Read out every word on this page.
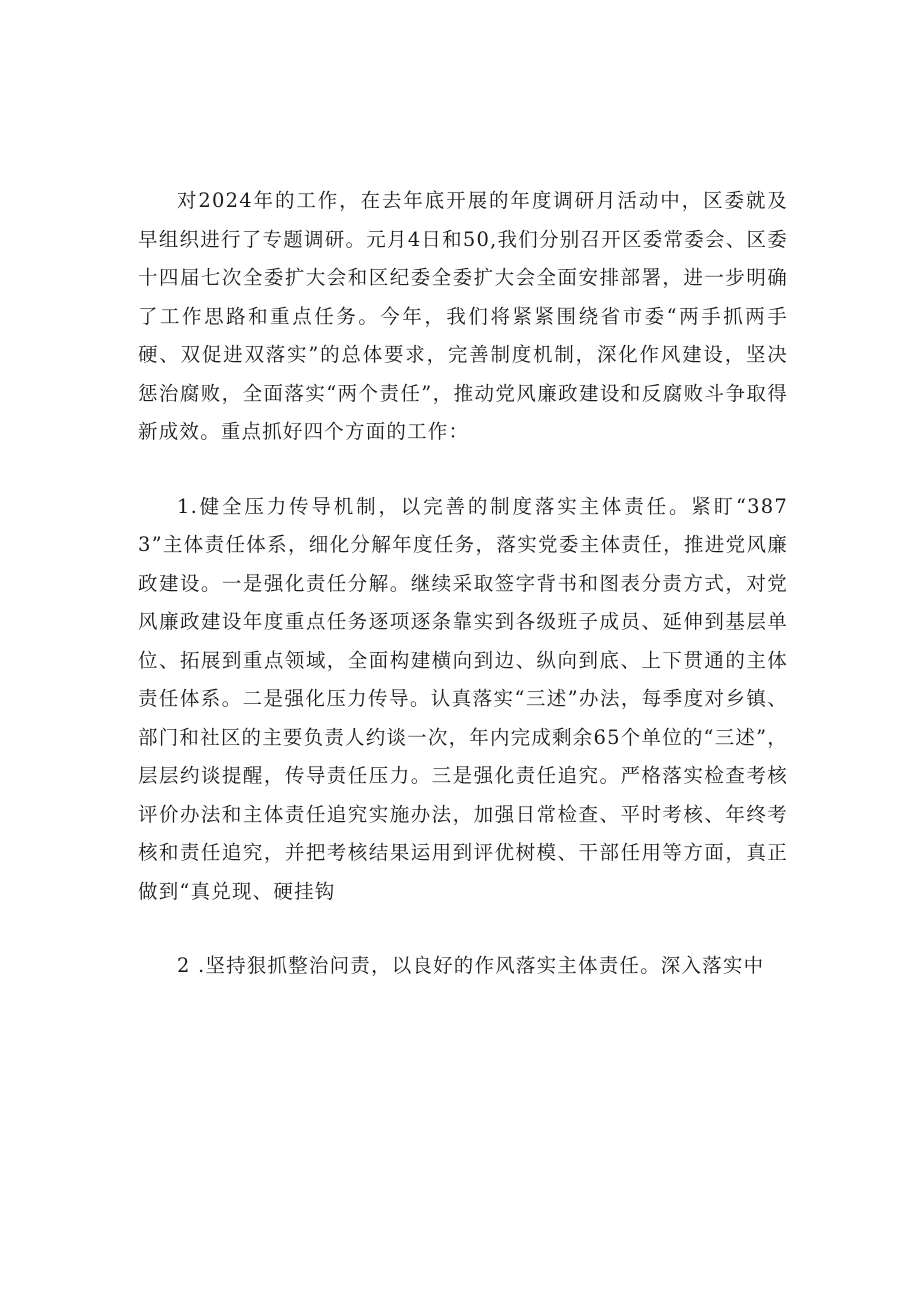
对2024年的工作，在去年底开展的年度调研月活动中，区委就及早组织进行了专题调研。元月4日和50,我们分别召开区委常委会、区委十四届七次全委扩大会和区纪委全委扩大会全面安排部署，进一步明确了工作思路和重点任务。今年，我们将紧紧围绕省市委“两手抓两手硬、双促进双落实”的总体要求，完善制度机制，深化作风建设，坚决惩治腐败，全面落实“两个责任”，推动党风廉政建设和反腐败斗争取得新成效。重点抓好四个方面的工作：

1.健全压力传导机制，以完善的制度落实主体责任。紧盯“3873”主体责任体系，细化分解年度任务，落实党委主体责任，推进党风廉政建设。一是强化责任分解。继续采取签字背书和图表分责方式，对党风廉政建设年度重点任务逐项逐条靠实到各级班子成员、延伸到基层单位、拓展到重点领域，全面构建横向到边、纵向到底、上下贯通的主体责任体系。二是强化压力传导。认真落实“三述”办法，每季度对乡镇、部门和社区的主要负责人约谈一次，年内完成剩余65个单位的“三述”，层层约谈提醒，传导责任压力。三是强化责任追究。严格落实检查考核评价办法和主体责任追究实施办法，加强日常检查、平时考核、年终考核和责任追究，并把考核结果运用到评优树模、干部任用等方面，真正做到“真兑现、硬挂钩

2 .坚持狠抓整治问责，以良好的作风落实主体责任。深入落实中
